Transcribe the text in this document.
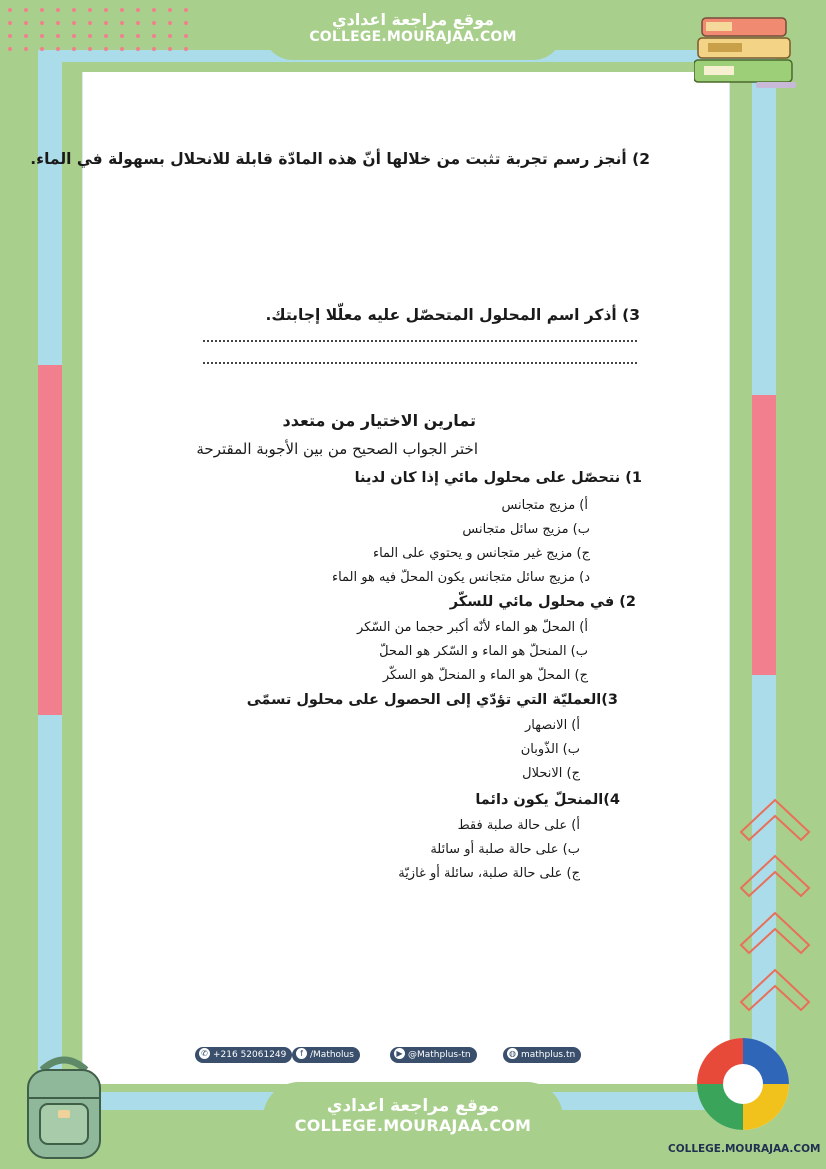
موقع مراجعة اعدادي
COLLEGE.MOURAJAA.COM
2) أنجز رسم تجربة تثبت من خلالها أنّ هذه المادّة قابلة للانحلال بسهولة في الماء.
3) أذكر اسم المحلول المتحصّل عليه معلّلا إجابتك.
تمارين الاختيار من متعدد
اختر الجواب الصحيح من بين الأجوبة المقترحة
1) نتحصّل على محلول مائي إذا كان لدينا
أ) مزيج متجانس
ب) مزيج سائل متجانس
ج) مزيج غير متجانس و يحتوي على الماء
د) مزيج سائل متجانس يكون المحلّ فيه هو الماء
2) في محلول مائي للسكّر
أ) المحلّ هو الماء لأنّه أكبر حجما من السّكر
ب) المنحلّ هو الماء و السّكر هو المحلّ
ج) المحلّ هو الماء و المنحلّ هو السكّر
3)العمليّة التي تؤدّي إلى الحصول على محلول تسمّى
أ) الانصهار
ب) الذّوبان
ج) الانحلال
4)المنحلّ يكون دائما
أ) على حالة صلبة فقط
ب) على حالة صلبة أو سائلة
ج) على حالة صلبة، سائلة أو غازيّة
✆ +216 52061249	f /Matholus	▶ @Mathplus-tn	◍ mathplus.tn
موقع مراجعة اعدادي
COLLEGE.MOURAJAA.COM
COLLEGE.MOURAJAA.COM
